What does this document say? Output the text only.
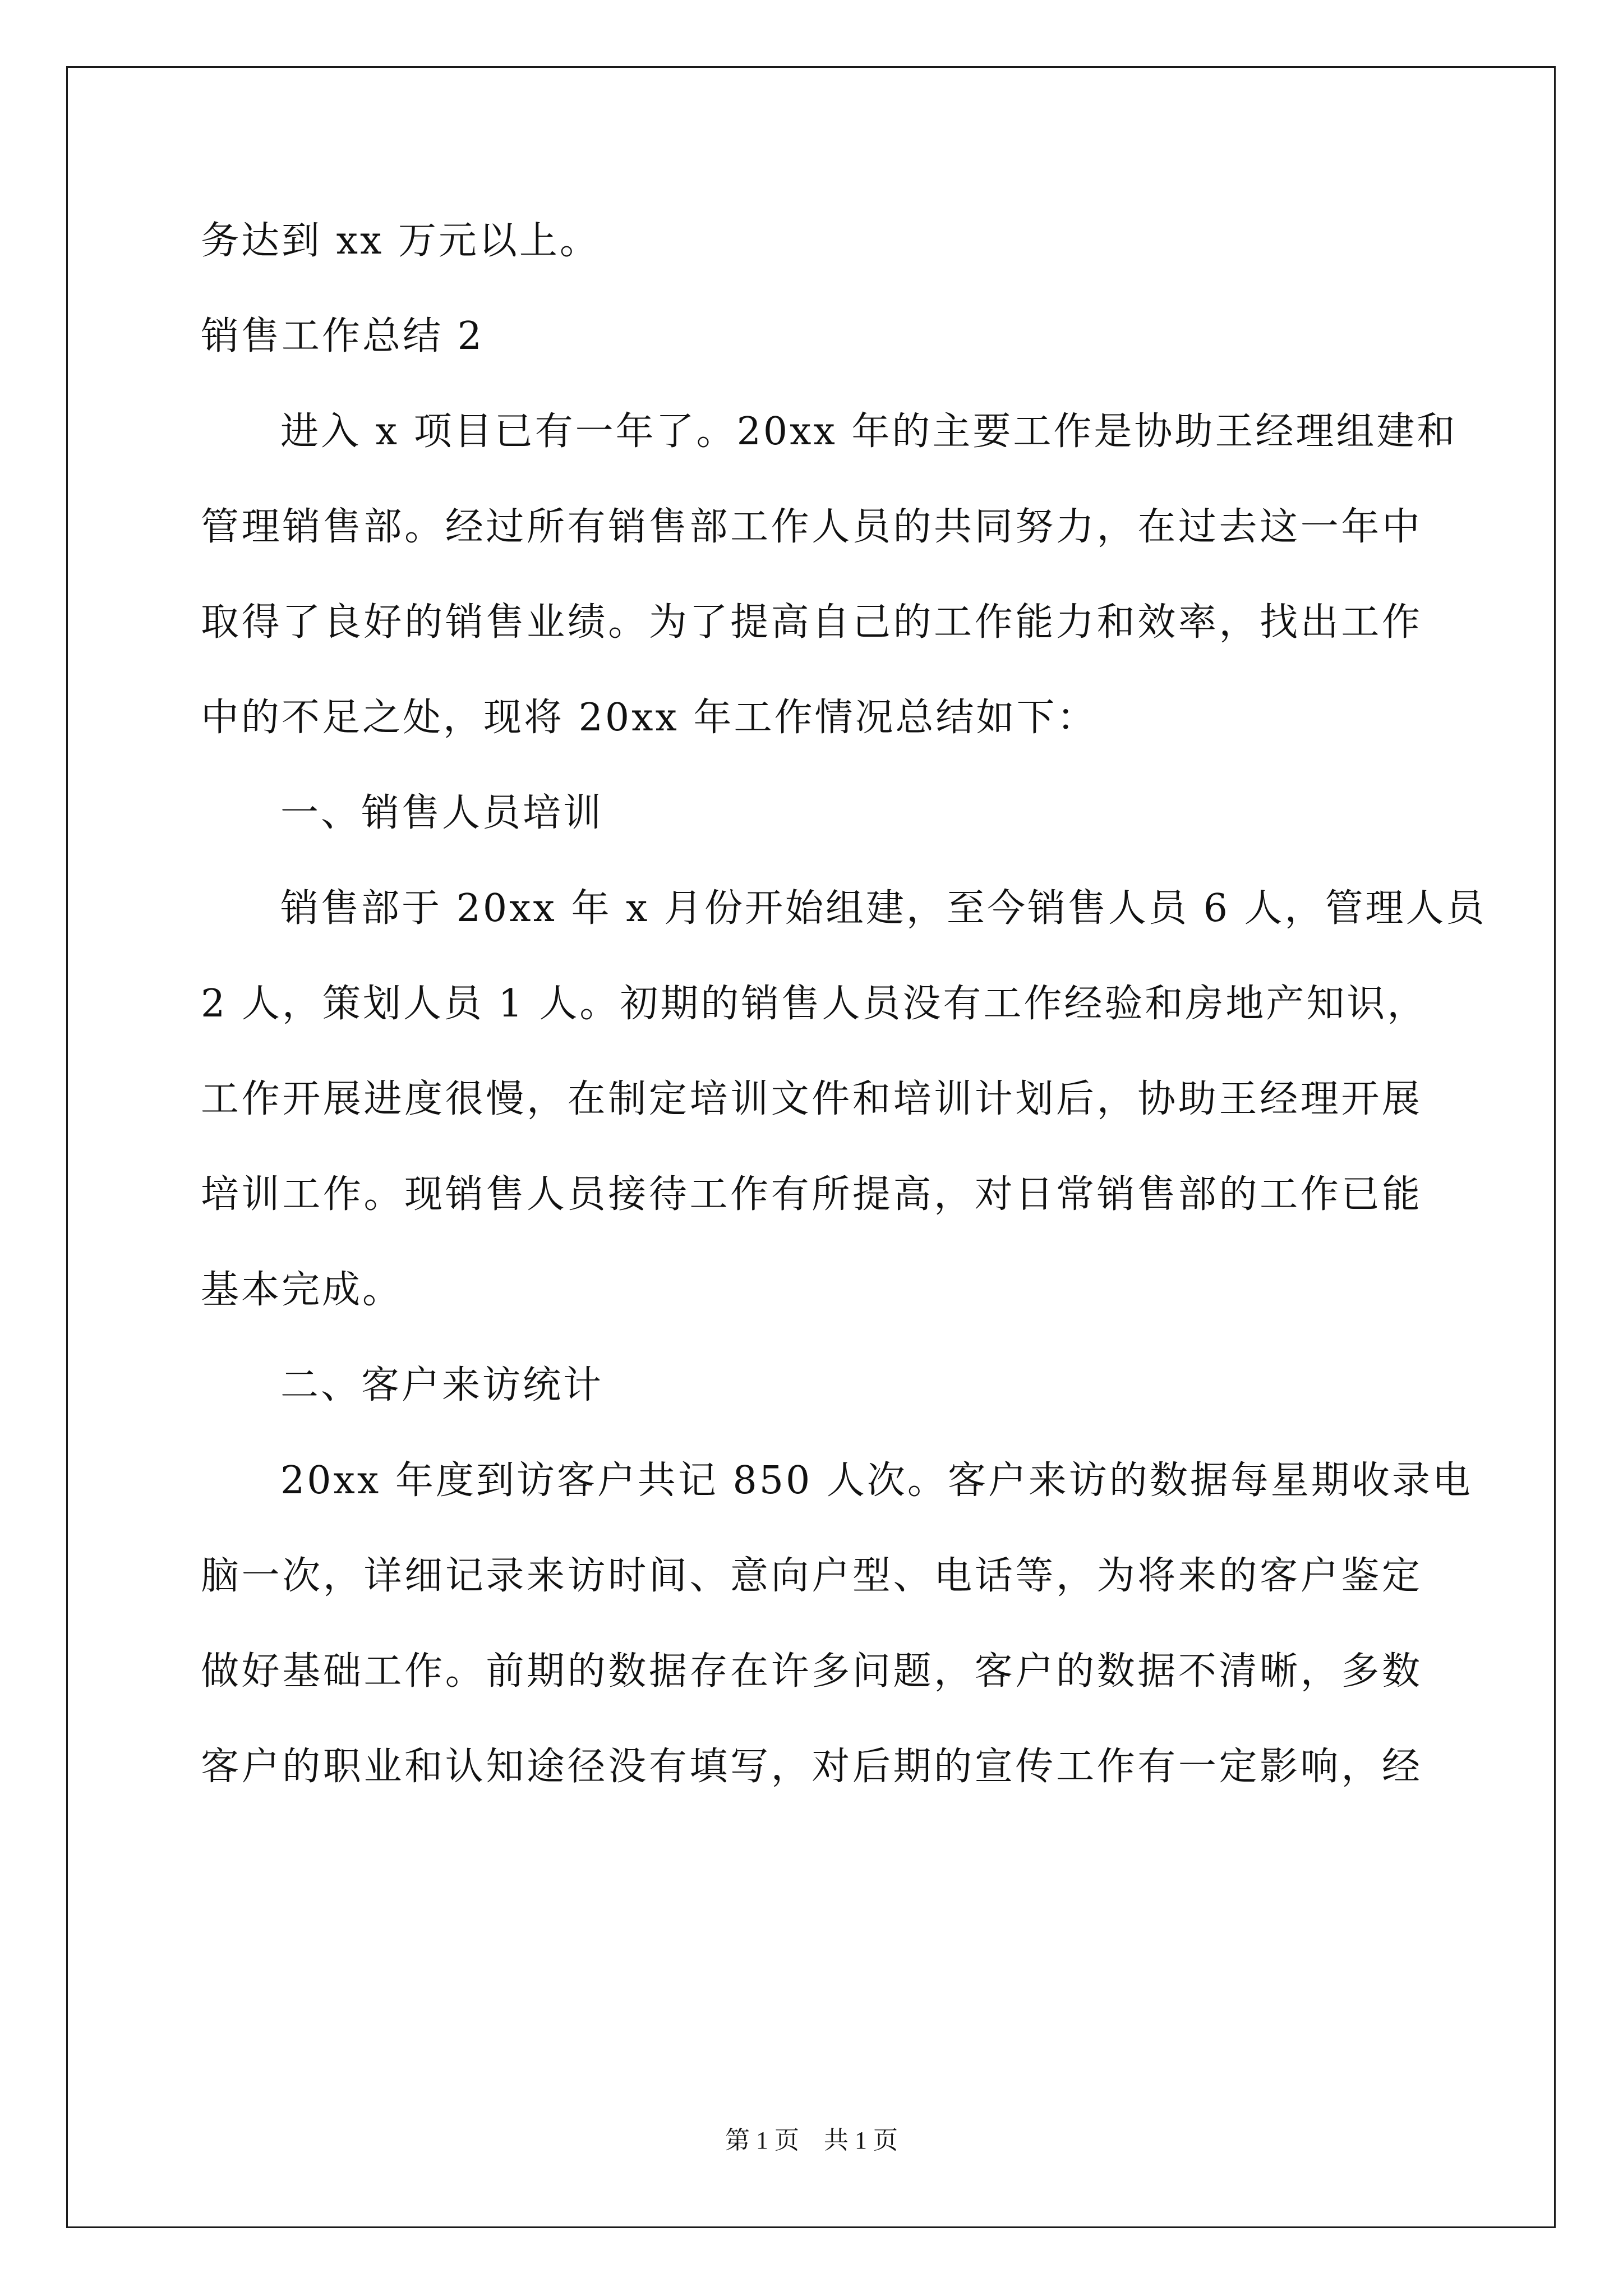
务达到 xx 万元以上。
销售工作总结 2
进入 x 项目已有一年了。20xx 年的主要工作是协助王经理组建和
管理销售部。经过所有销售部工作人员的共同努力，在过去这一年中
取得了良好的销售业绩。为了提高自己的工作能力和效率，找出工作
中的不足之处，现将 20xx 年工作情况总结如下：
一、销售人员培训
销售部于 20xx 年 x 月份开始组建，至今销售人员 6 人，管理人员
2 人，策划人员 1 人。初期的销售人员没有工作经验和房地产知识，
工作开展进度很慢，在制定培训文件和培训计划后，协助王经理开展
培训工作。现销售人员接待工作有所提高，对日常销售部的工作已能
基本完成。
二、客户来访统计
20xx 年度到访客户共记 850 人次。客户来访的数据每星期收录电
脑一次，详细记录来访时间、意向户型、电话等，为将来的客户鉴定
做好基础工作。前期的数据存在许多问题，客户的数据不清晰，多数
客户的职业和认知途径没有填写，对后期的宣传工作有一定影响，经
第 1 页　共 1 页
